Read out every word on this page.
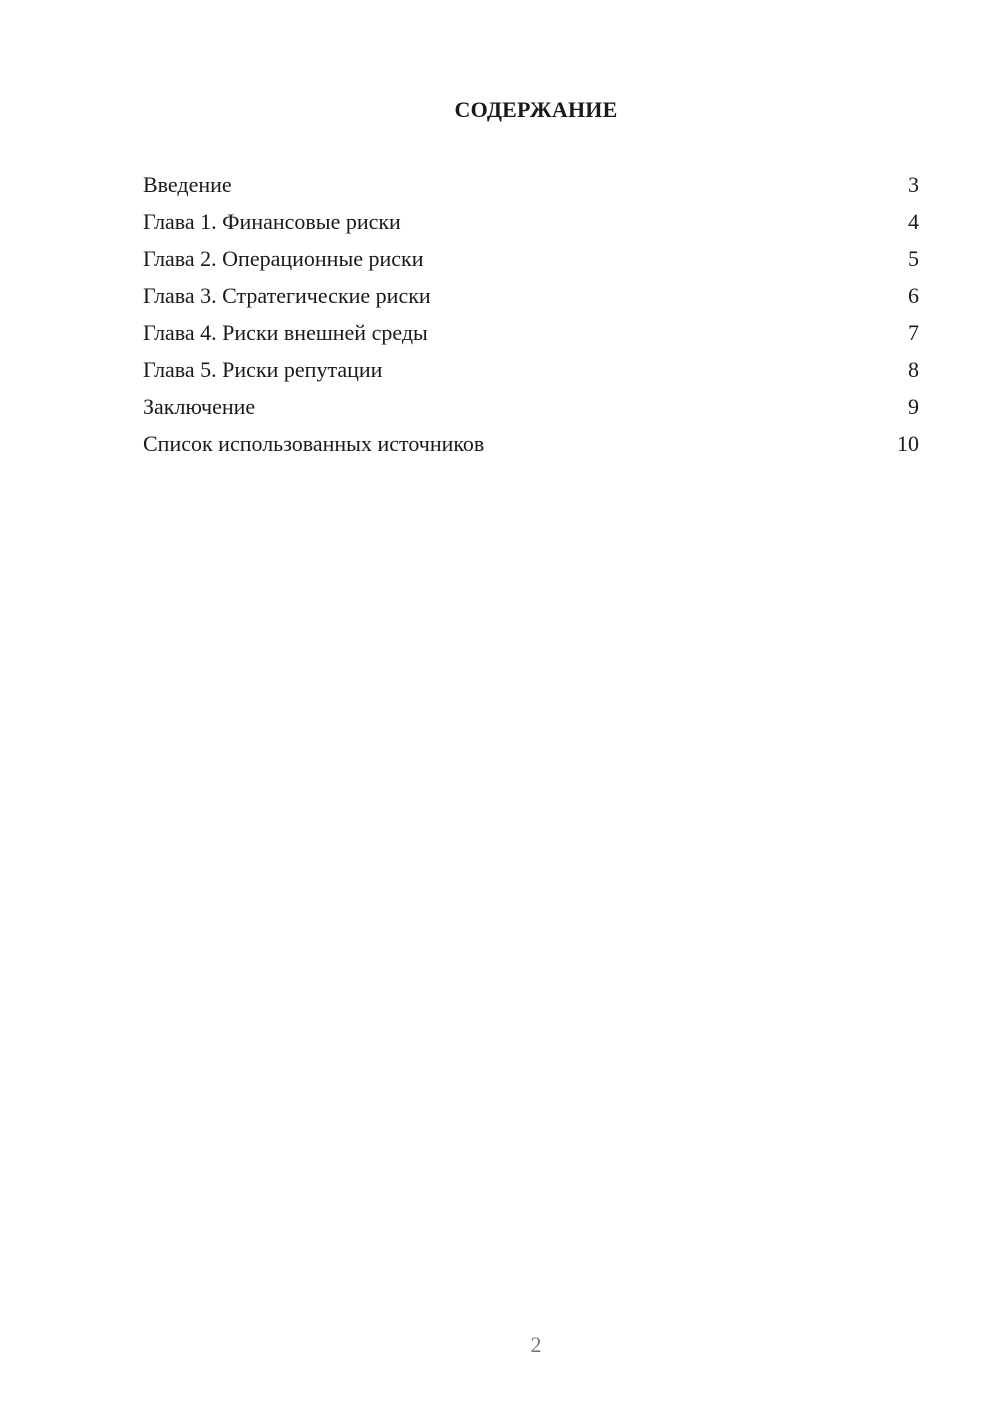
СОДЕРЖАНИЕ
Введение	3
Глава 1. Финансовые риски	4
Глава 2. Операционные риски	5
Глава 3. Стратегические риски	6
Глава 4. Риски внешней среды	7
Глава 5. Риски репутации	8
Заключение	9
Список использованных источников	10
2
